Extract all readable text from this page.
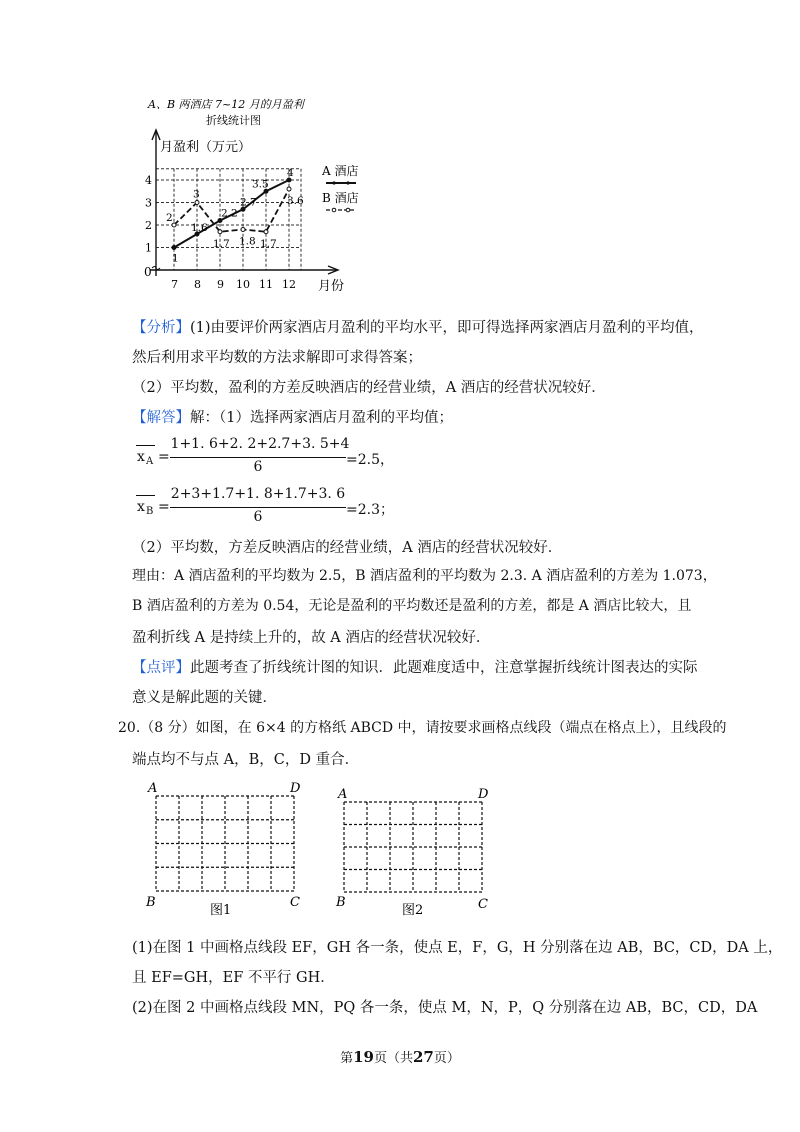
A、B 两酒店 7~12 月的月盈利
折线统计图
月盈利（万元）
月份
0
7 8 9 10 11 12
1
2
3
4
1
1.6
2.2
2.7
3.5
4
2
3
1.7 1.8 1.7
3.6
A 酒店
B 酒店
【分析】(1)由要评价两家酒店月盈利的平均水平，即可得选择两家酒店月盈利的平均值，
然后利用求平均数的方法求解即可求得答案；
（2）平均数，盈利的方差反映酒店的经营业绩，A 酒店的经营状况较好．
【解答】解：（1）选择两家酒店月盈利的平均值；
x A =
1+1. 6+2. 2+2.7+3. 5+4
6	=2.5，
x B =
2+3+1.7+1. 8+1.7+3. 6
6	=2.3；
（2）平均数，方差反映酒店的经营业绩，A 酒店的经营状况较好．
理由：A 酒店盈利的平均数为 2.5，B 酒店盈利的平均数为 2.3. A 酒店盈利的方差为 1.073，
B 酒店盈利的方差为 0.54，无论是盈利的平均数还是盈利的方差，都是 A 酒店比较大，且
盈利折线 A 是持续上升的，故 A 酒店的经营状况较好．
【点评】此题考查了折线统计图的知识．此题难度适中，注意掌握折线统计图表达的实际
意义是解此题的关键．
20.（8 分）如图，在 6×4 的方格纸 ABCD 中，请按要求画格点线段（端点在格点上），且线段的
端点均不与点 A，B，C，D 重合．
A	D
B	C
图1
A	D
B	C
图2
(1)在图 1 中画格点线段 EF，GH 各一条，使点 E，F，G，H 分别落在边 AB，BC，CD，DA 上，
且 EF=GH，EF 不平行 GH．
(2)在图 2 中画格点线段 MN，PQ 各一条，使点 M，N，P，Q 分别落在边 AB，BC，CD，DA
第19页（共27页）
